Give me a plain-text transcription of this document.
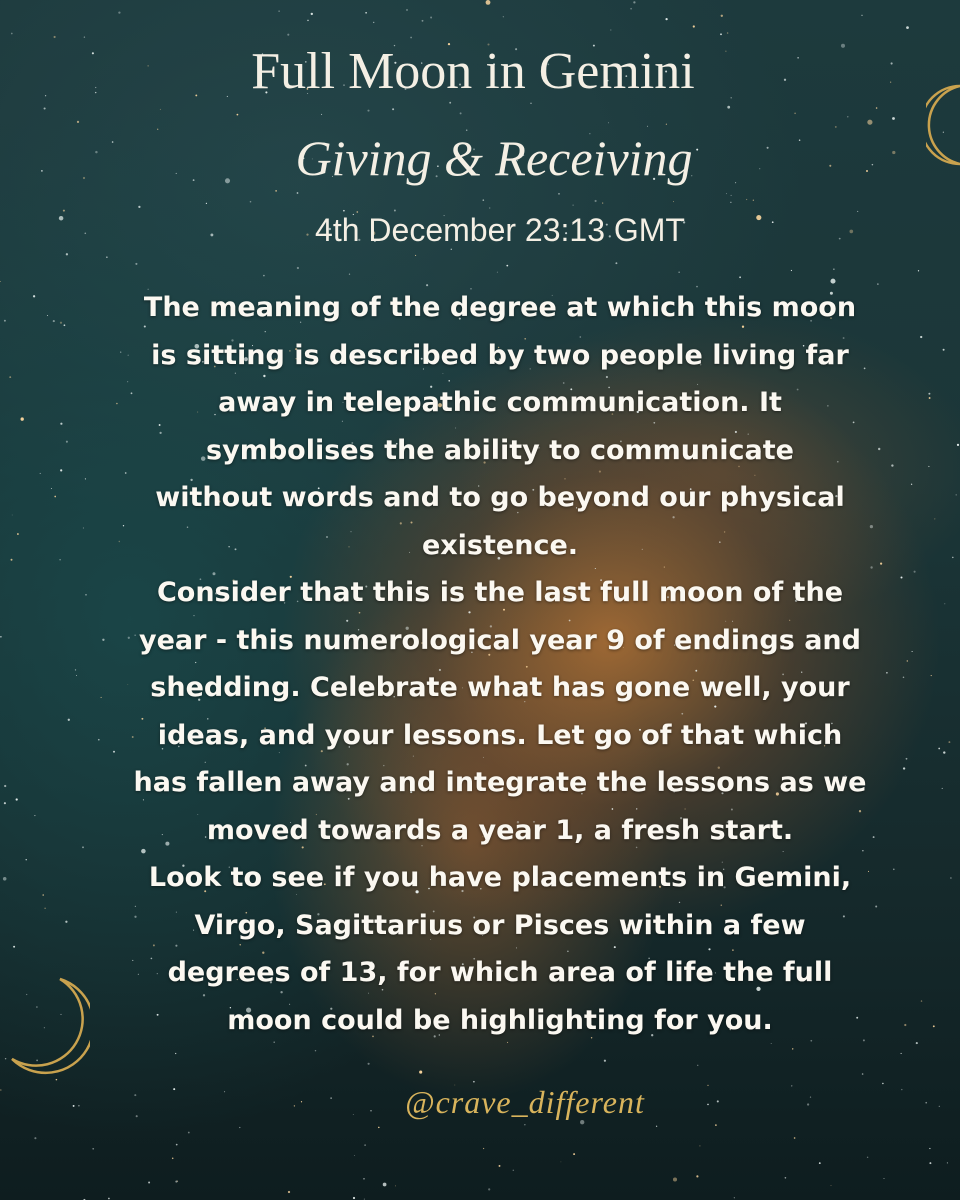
Full Moon in Gemini
Giving & Receiving
4th December 23:13 GMT
The meaning of the degree at which this moon
is sitting is described by two people living far
away in telepathic communication. It
symbolises the ability to communicate
without words and to go beyond our physical
existence.
Consider that this is the last full moon of the
year - this numerological year 9 of endings and
shedding. Celebrate what has gone well, your
ideas, and your lessons. Let go of that which
has fallen away and integrate the lessons as we
moved towards a year 1, a fresh start.
Look to see if you have placements in Gemini,
Virgo, Sagittarius or Pisces within a few
degrees of 13, for which area of life the full
moon could be highlighting for you.
@crave_different
